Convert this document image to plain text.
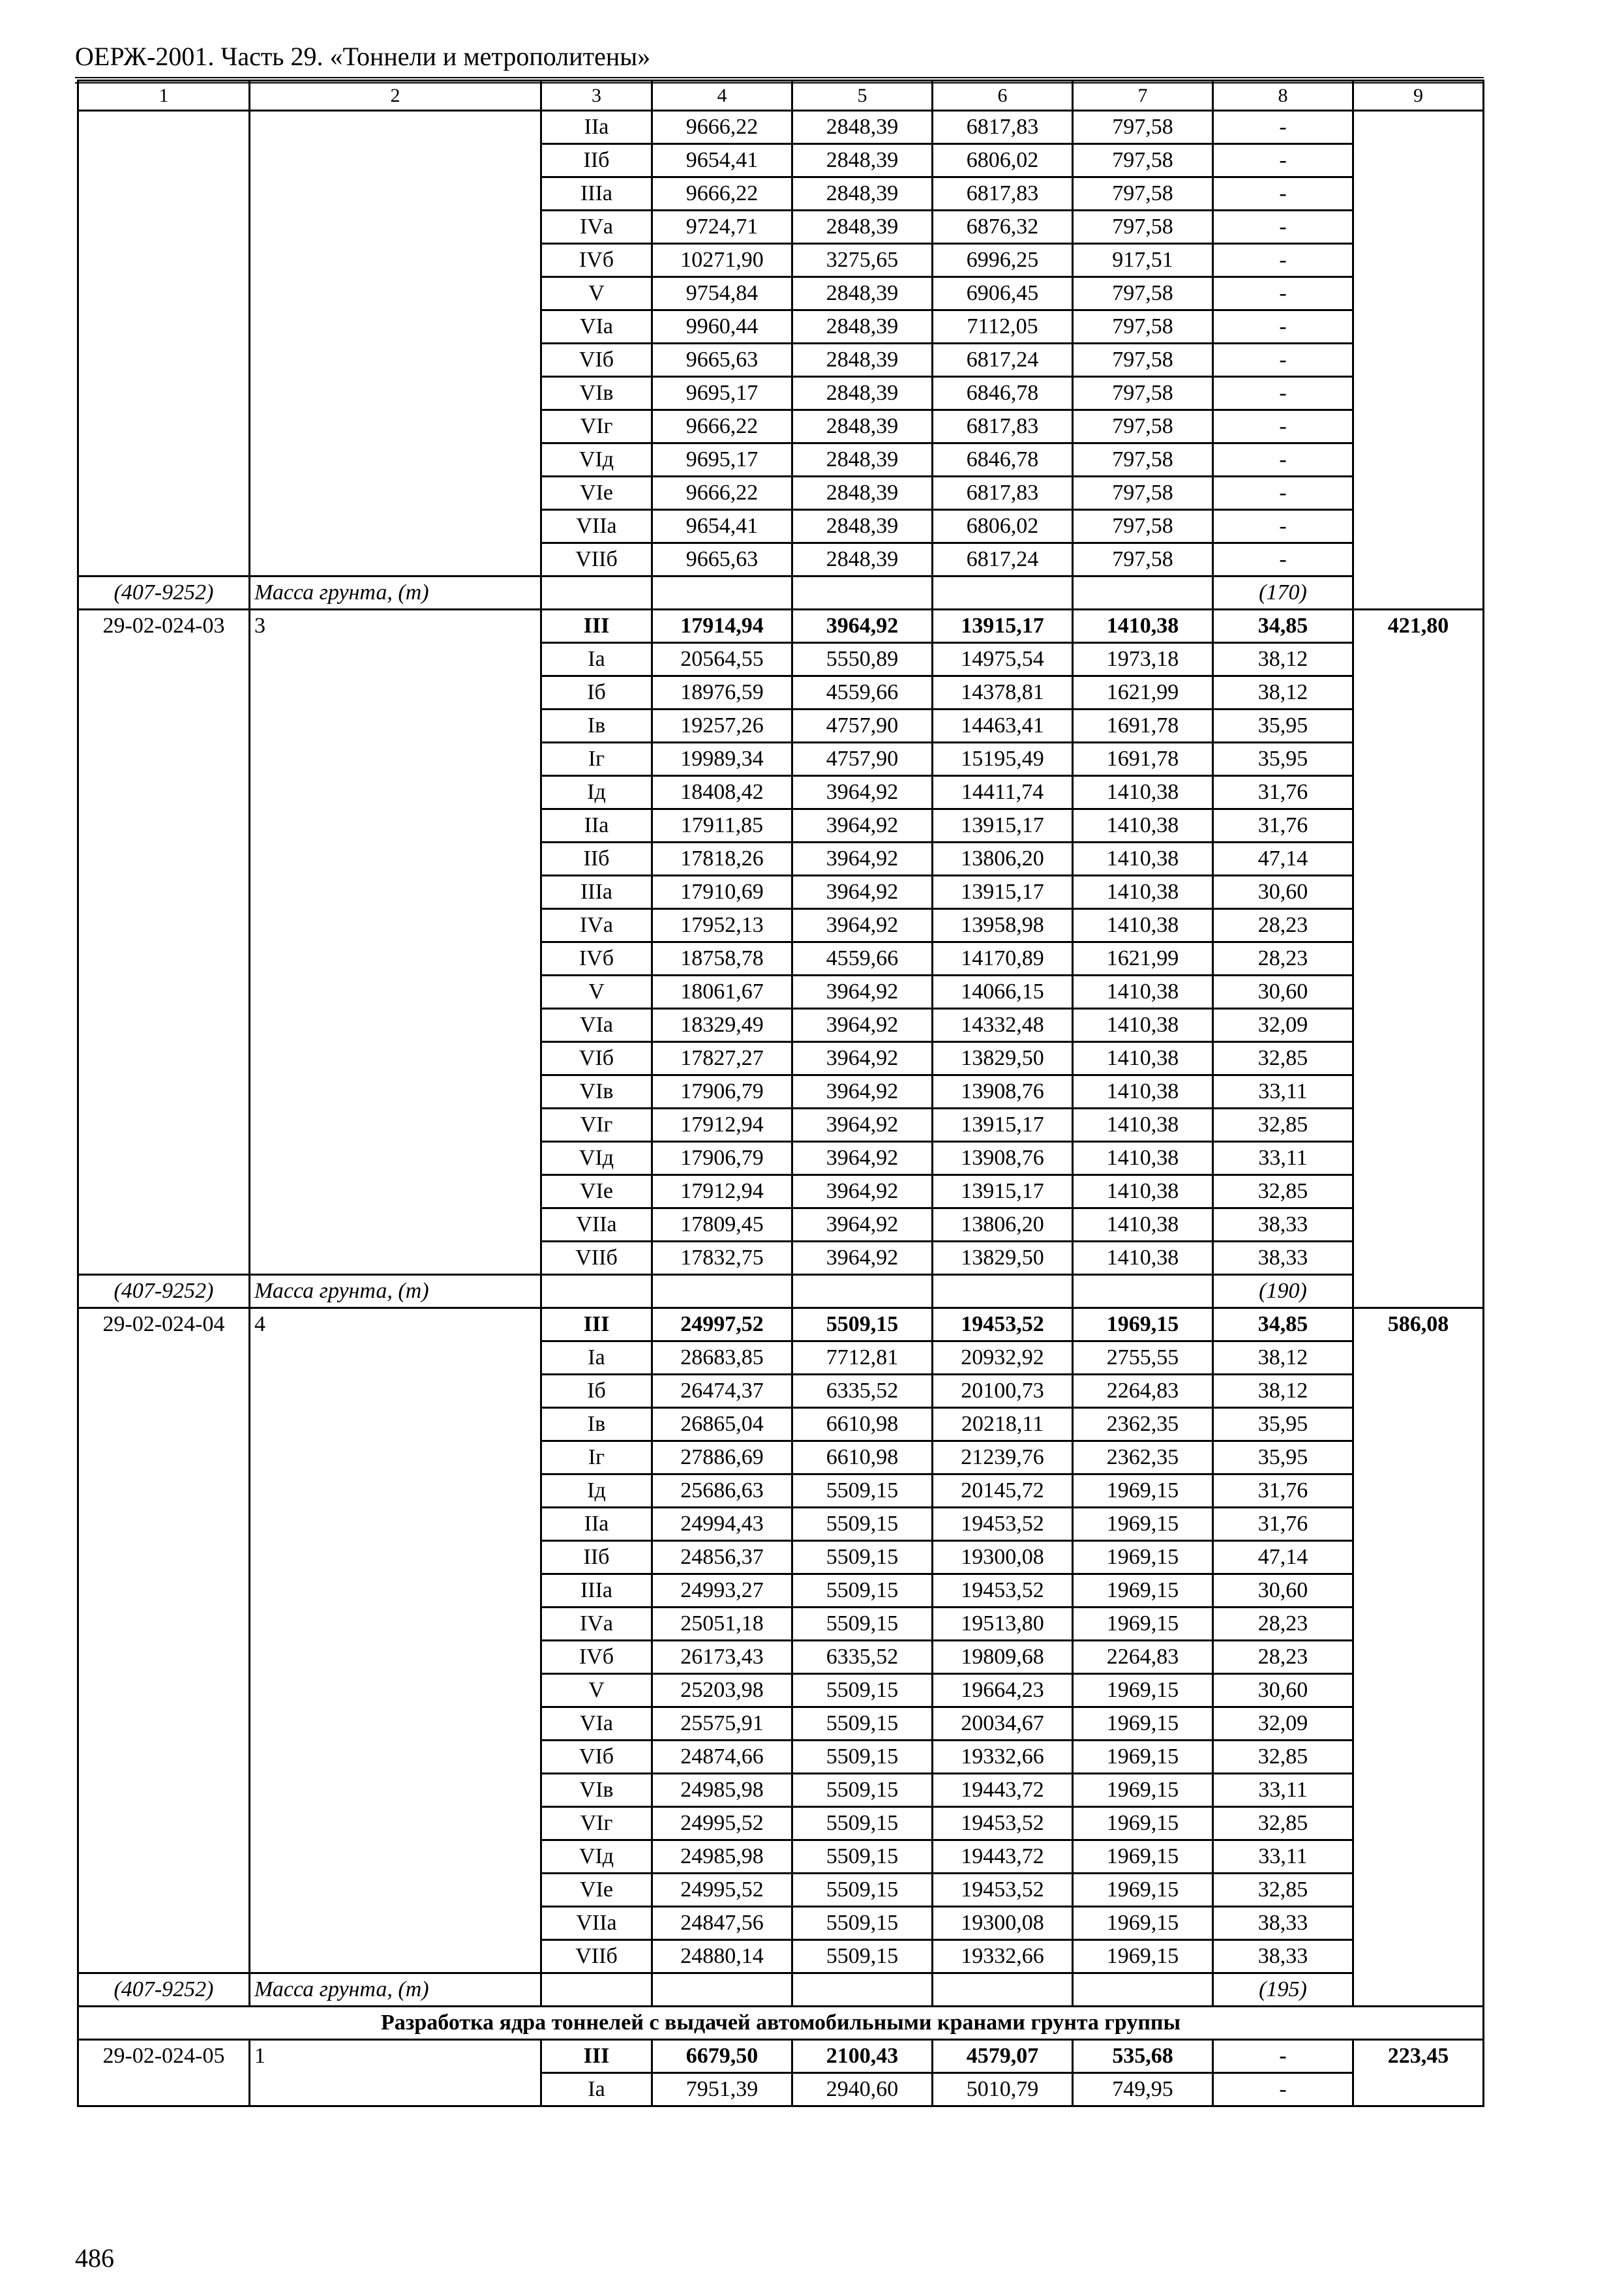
ОЕРЖ-2001. Часть 29. «Тоннели и метрополитены»
1	2	3	4	5	6	7	8	9
		IIа	9666,22	2848,39	6817,83	797,58	-	
		IIб	9654,41	2848,39	6806,02	797,58	-	
		IIIа	9666,22	2848,39	6817,83	797,58	-	
		IVа	9724,71	2848,39	6876,32	797,58	-	
		IVб	10271,90	3275,65	6996,25	917,51	-	
		V	9754,84	2848,39	6906,45	797,58	-	
		VIа	9960,44	2848,39	7112,05	797,58	-	
		VIб	9665,63	2848,39	6817,24	797,58	-	
		VIв	9695,17	2848,39	6846,78	797,58	-	
		VIг	9666,22	2848,39	6817,83	797,58	-	
		VIд	9695,17	2848,39	6846,78	797,58	-	
		VIе	9666,22	2848,39	6817,83	797,58	-	
		VIIа	9654,41	2848,39	6806,02	797,58	-	
		VIIб	9665,63	2848,39	6817,24	797,58	-	
(407-9252)	Масса грунта, (т)						(170)	
29-02-024-03	3	III	17914,94	3964,92	13915,17	1410,38	34,85	421,80
		Iа	20564,55	5550,89	14975,54	1973,18	38,12	
		Iб	18976,59	4559,66	14378,81	1621,99	38,12	
		Iв	19257,26	4757,90	14463,41	1691,78	35,95	
		Iг	19989,34	4757,90	15195,49	1691,78	35,95	
		Iд	18408,42	3964,92	14411,74	1410,38	31,76	
		IIа	17911,85	3964,92	13915,17	1410,38	31,76	
		IIб	17818,26	3964,92	13806,20	1410,38	47,14	
		IIIа	17910,69	3964,92	13915,17	1410,38	30,60	
		IVа	17952,13	3964,92	13958,98	1410,38	28,23	
		IVб	18758,78	4559,66	14170,89	1621,99	28,23	
		V	18061,67	3964,92	14066,15	1410,38	30,60	
		VIа	18329,49	3964,92	14332,48	1410,38	32,09	
		VIб	17827,27	3964,92	13829,50	1410,38	32,85	
		VIв	17906,79	3964,92	13908,76	1410,38	33,11	
		VIг	17912,94	3964,92	13915,17	1410,38	32,85	
		VIд	17906,79	3964,92	13908,76	1410,38	33,11	
		VIе	17912,94	3964,92	13915,17	1410,38	32,85	
		VIIа	17809,45	3964,92	13806,20	1410,38	38,33	
		VIIб	17832,75	3964,92	13829,50	1410,38	38,33	
(407-9252)	Масса грунта, (т)						(190)	
29-02-024-04	4	III	24997,52	5509,15	19453,52	1969,15	34,85	586,08
		Iа	28683,85	7712,81	20932,92	2755,55	38,12	
		Iб	26474,37	6335,52	20100,73	2264,83	38,12	
		Iв	26865,04	6610,98	20218,11	2362,35	35,95	
		Iг	27886,69	6610,98	21239,76	2362,35	35,95	
		Iд	25686,63	5509,15	20145,72	1969,15	31,76	
		IIа	24994,43	5509,15	19453,52	1969,15	31,76	
		IIб	24856,37	5509,15	19300,08	1969,15	47,14	
		IIIа	24993,27	5509,15	19453,52	1969,15	30,60	
		IVа	25051,18	5509,15	19513,80	1969,15	28,23	
		IVб	26173,43	6335,52	19809,68	2264,83	28,23	
		V	25203,98	5509,15	19664,23	1969,15	30,60	
		VIа	25575,91	5509,15	20034,67	1969,15	32,09	
		VIб	24874,66	5509,15	19332,66	1969,15	32,85	
		VIв	24985,98	5509,15	19443,72	1969,15	33,11	
		VIг	24995,52	5509,15	19453,52	1969,15	32,85	
		VIд	24985,98	5509,15	19443,72	1969,15	33,11	
		VIе	24995,52	5509,15	19453,52	1969,15	32,85	
		VIIа	24847,56	5509,15	19300,08	1969,15	38,33	
		VIIб	24880,14	5509,15	19332,66	1969,15	38,33	
(407-9252)	Масса грунта, (т)						(195)	
Разработка ядра тоннелей с выдачей автомобильными кранами грунта группы								
29-02-024-05	1	III	6679,50	2100,43	4579,07	535,68	-	223,45
		Iа	7951,39	2940,60	5010,79	749,95	-	
486
